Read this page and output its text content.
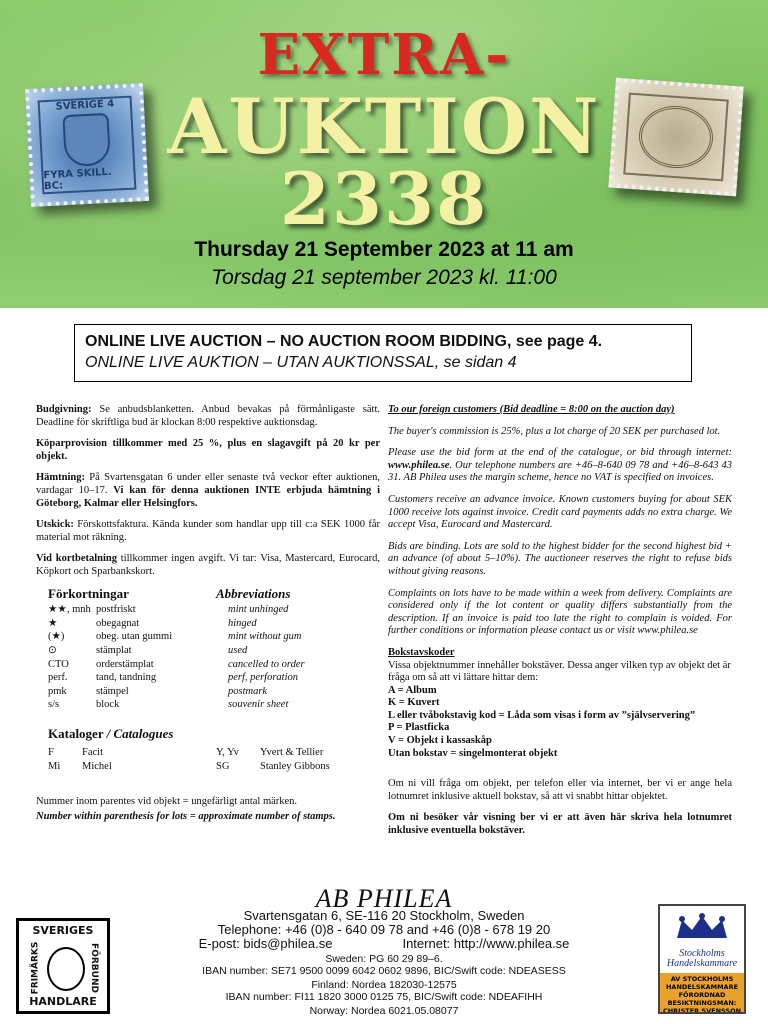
SVERIGE 4
FYRA SKILL. BC:
EXTRA-
AUKTION
2338
Thursday 21 September 2023 at 11 am
Torsdag 21 september 2023 kl. 11:00
ONLINE LIVE AUCTION – NO AUCTION ROOM BIDDING, see page 4.
ONLINE LIVE AUKTION – UTAN AUKTIONSSAL, se sidan 4

Budgivning: Se anbudsblanketten. Anbud bevakas på förmånligaste sätt. Deadline för skriftliga bud är klockan 8:00 respektive auktionsdag.

Köparprovision tillkommer med 25 %, plus en slagavgift på 20 kr per objekt.

Hämtning: På Svartensgatan 6 under eller senaste två veckor efter auktionen, vardagar 10–17. Vi kan för denna auktionen INTE erbjuda hämtning i Göteborg, Kalmar eller Helsingfors.

Utskick: Förskottsfaktura. Kända kunder som handlar upp till c:a SEK 1000 får material mot räkning.

Vid kortbetalning tillkommer ingen avgift. Vi tar: Visa, Mastercard, Eurocard, Köpkort och Sparbankskort.

Förkortningar	Abbreviations
★★, mnh postfriskt	mint unhinged
★	obegagnat	hinged
(★)	obeg. utan gummi	mint without gum
⊙	stämplat	used
CTO	orderstämplat	cancelled to order
perf.	tand, tandning	perf, perforation
pmk	stämpel	postmark
s/s	block	souvenir sheet
Kataloger / Catalogues
F	Facit	Y, Yv	Yvert & Tellier
Mi	Michel	SG	Stanley Gibbons
Nummer inom parentes vid objekt = ungefärligt antal märken.
Number within parenthesis for lots = approximate number of stamps.

To our foreign customers (Bid deadline = 8:00 on the auction day)

The buyer's commission is 25%, plus a lot charge of 20 SEK per purchased lot.

Please use the bid form at the end of the catalogue, or bid through internet: www.philea.se. Our telephone numbers are +46–8-640 09 78 and +46–8-643 43 31. AB Philea uses the margin scheme, hence no VAT is specified on invoices.

Customers receive an advance invoice. Known customers buying for about SEK 1000 receive lots against invoice. Credit card payments adds no extra charge. We accept Visa, Eurocard and Mastercard.

Bids are binding. Lots are sold to the highest bidder for the second highest bid + an advance (of about 5–10%). The auctioneer reserves the right to refuse bids without giving reasons.

Complaints on lots have to be made within a week from delivery. Complaints are considered only if the lot content or quality differs substantially from the description. If an invoice is paid too late the right to complain is voided. For further conditions or information please contact us or visit www.philea.se

Bokstavskoder
Vissa objektnummer innehåller bokstäver. Dessa anger vilken typ av objekt det är fråga om så att vi lättare hittar dem:
A = Album
K = Kuvert
L eller tvåbokstavig kod = Låda som visas i form av ”självservering”
P = Plastficka
V = Objekt i kassaskåp
Utan bokstav = singelmonterat objekt

Om ni vill fråga om objekt, per telefon eller via internet, ber vi er ange hela lotnumret inklusive aktuell bokstav, så att vi snabbt hittar objektet.

Om ni besöker vår visning ber vi er att även här skriva hela lotnumret inklusive eventuella bokstäver.

SVERIGES
FRIMÄRKS	FÖRBUND
HANDLARE
AB PHILEA
Svartensgatan 6, SE-116 20 Stockholm, Sweden
Telephone: +46 (0)8 - 640 09 78 and +46 (0)8 - 678 19 20
E-post: bids@philea.se	Internet: http://www.philea.se
Sweden: PG 60 29 89–6.
IBAN number: SE71 9500 0099 6042 0602 9896, BIC/Swift code: NDEASESS
Finland: Nordea 182030-12575
IBAN number: FI11 1820 3000 0125 75, BIC/Swift code: NDEAFIHH
Norway: Nordea 6021.05.08077
Stockholms Handelskammare
AV STOCKHOLMS HANDELSKAMMARE FÖRORDNAD BESIKTNINGSMAN: CHRISTER SVENSSON
